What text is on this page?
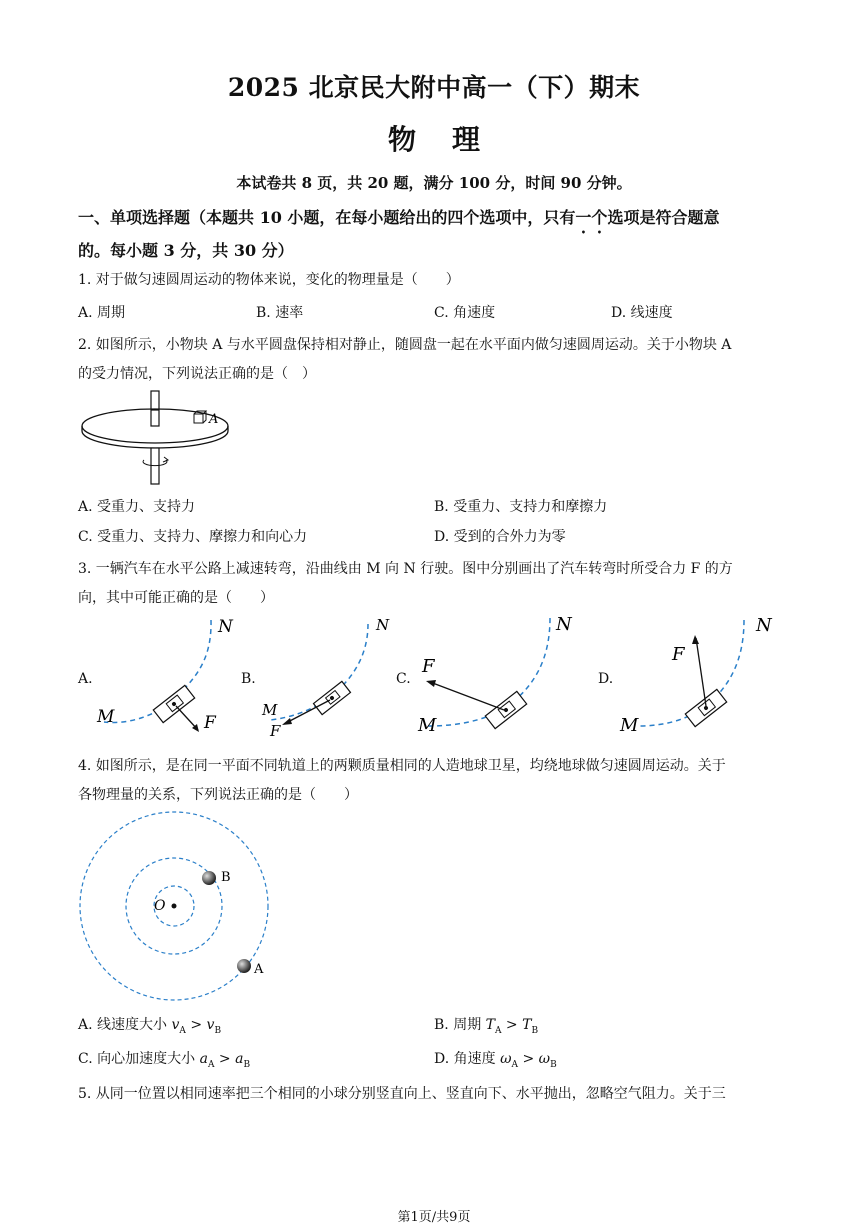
2025 北京民大附中高一（下）期末
物理
本试卷共 8 页，共 20 题，满分 100 分，时间 90 分钟。
一、单项选择题（本题共 10 小题，在每小题给出的四个选项中，只有一个选项是符合题意
的。每小题 3 分，共 30 分）
1. 对于做匀速圆周运动的物体来说，变化的物理量是（　　）
A. 周期	B. 速率	C. 角速度	D. 线速度
2. 如图所示，小物块 A 与水平圆盘保持相对静止，随圆盘一起在水平面内做匀速圆周运动。关于小物块 A
的受力情况，下列说法正确的是（　）
A
A. 受重力、支持力	B. 受重力、支持力和摩擦力
C. 受重力、支持力、摩擦力和向心力	D. 受到的合外力为零
3. 一辆汽车在水平公路上减速转弯，沿曲线由 M 向 N 行驶。图中分别画出了汽车转弯时所受合力 F 的方
向，其中可能正确的是（　　）
A.	B.	C.	D.
N
M	F
N
M
F
N
M
F
N
M
F
4. 如图所示，是在同一平面不同轨道上的两颗质量相同的人造地球卫星，均绕地球做匀速圆周运动。关于
各物理量的关系，下列说法正确的是（　　）
O
B
A
A. 线速度大小 $v_A > v_B$	B. 周期 $T_A > T_B$
C. 向心加速度大小 $a_A > a_B$	D. 角速度 $\omega_A > \omega_B$
5. 从同一位置以相同速率把三个相同的小球分别竖直向上、竖直向下、水平抛出，忽略空气阻力。关于三
第1页/共9页
